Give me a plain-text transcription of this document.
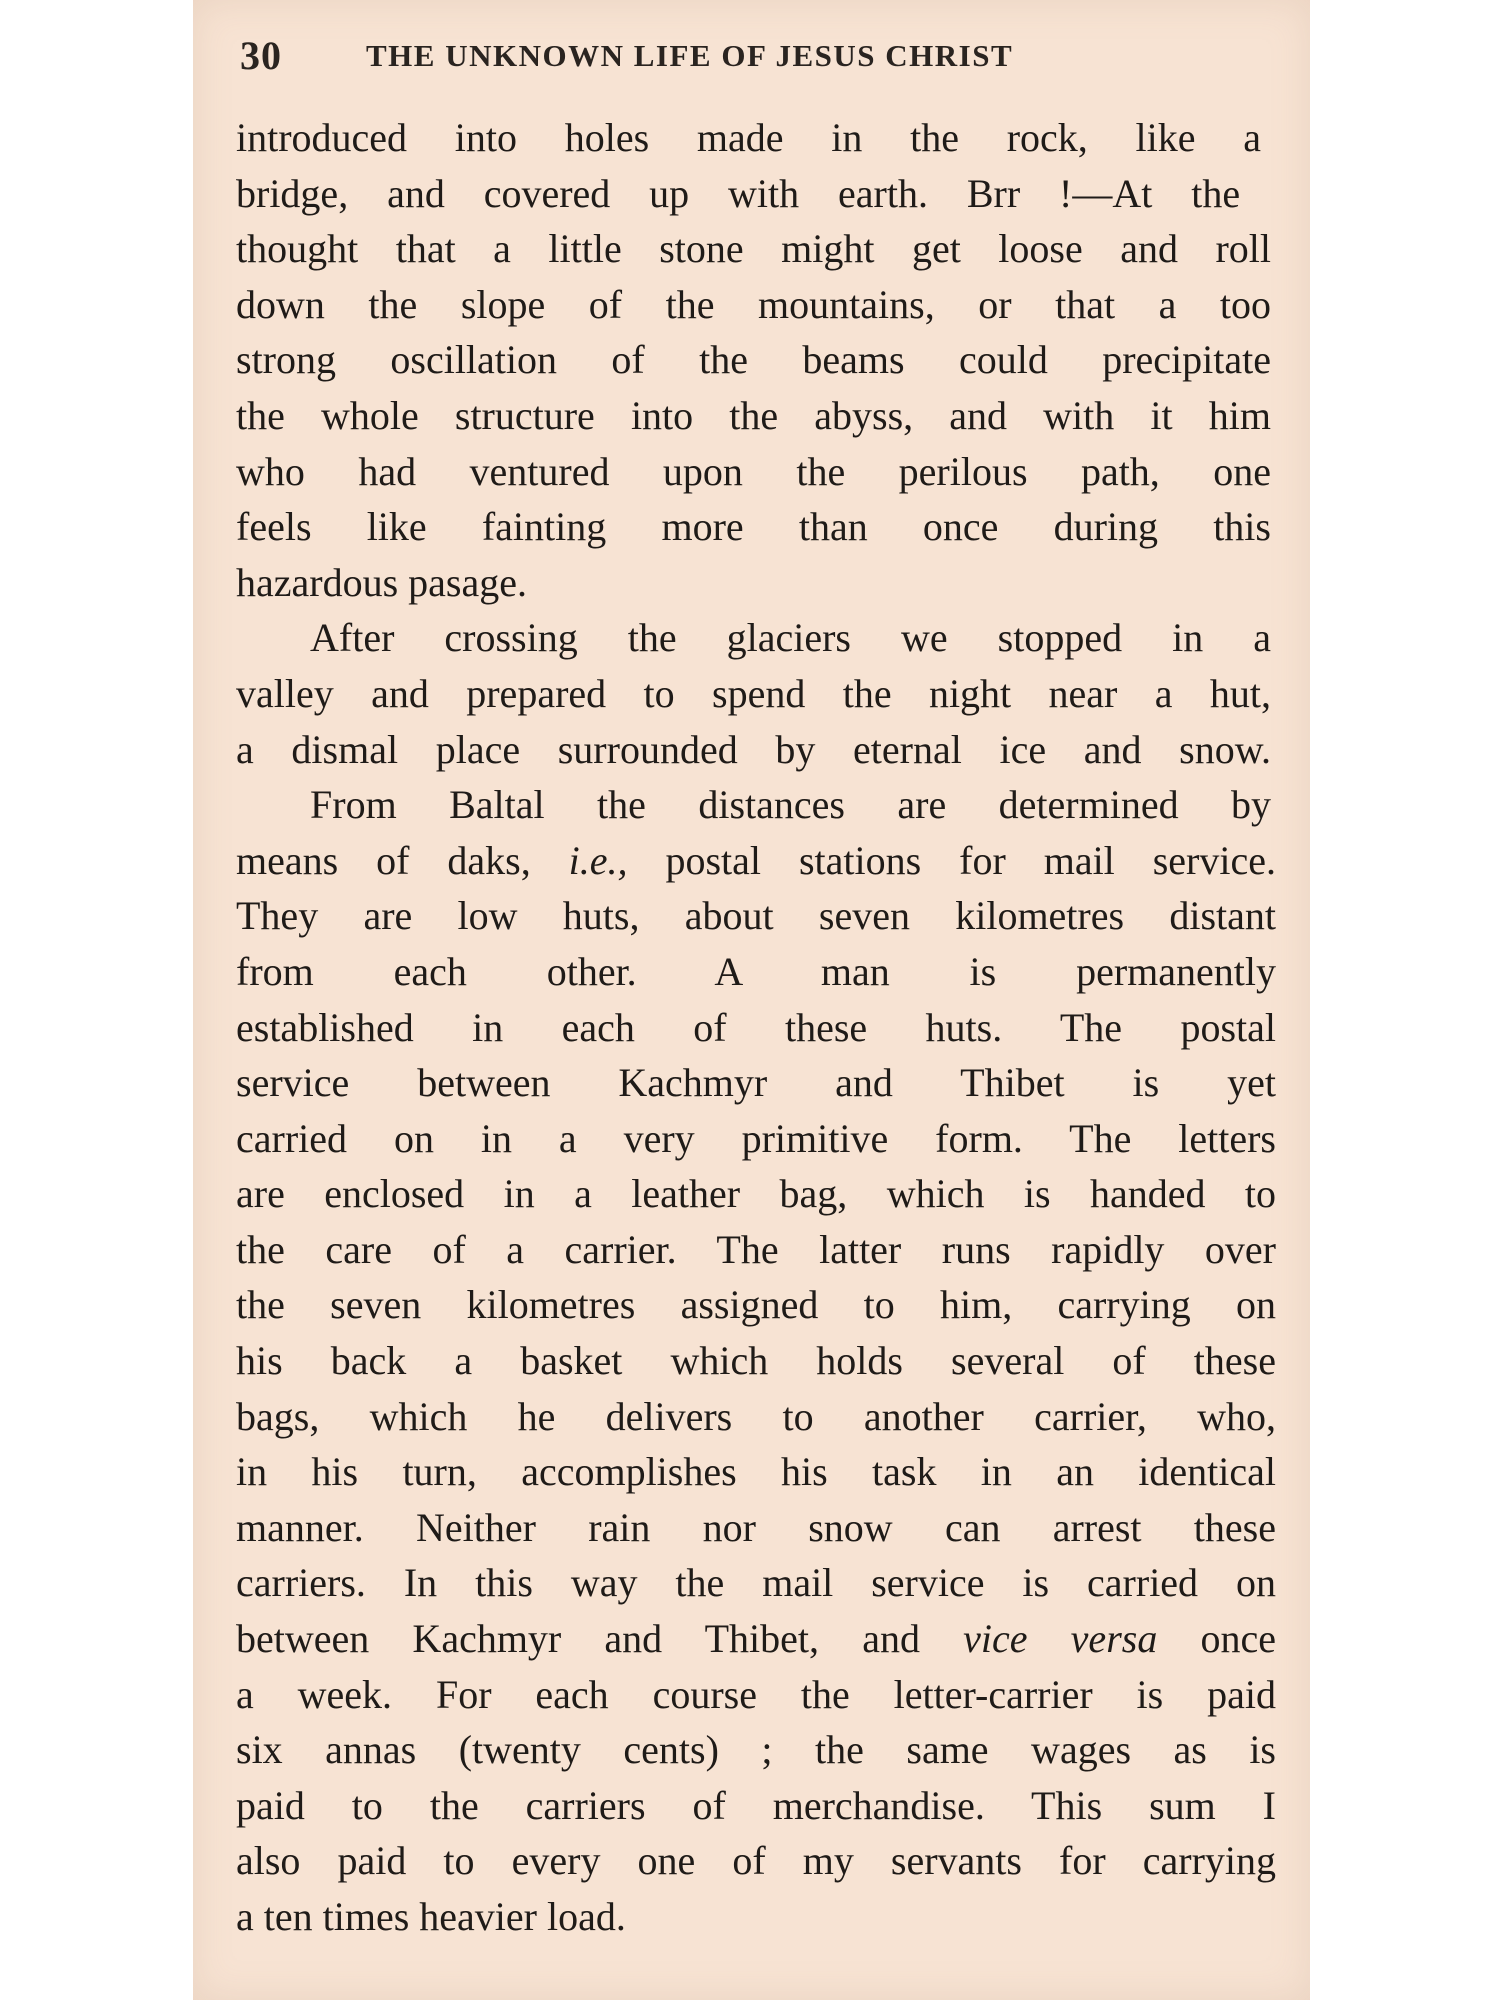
30	THE UNKNOWN LIFE OF JESUS CHRIST
introduced into holes made in the rock, like a
bridge, and covered up with earth. Brr !—At the
thought that a little stone might get loose and roll
down the slope of the mountains, or that a too
strong oscillation of the beams could precipitate
the whole structure into the abyss, and with it him
who had ventured upon the perilous path, one
feels like fainting more than once during this
hazardous pasage.
After crossing the glaciers we stopped in a
valley and prepared to spend the night near a hut,
a dismal place surrounded by eternal ice and snow.
From Baltal the distances are determined by
means of daks, i.e., postal stations for mail service.
They are low huts, about seven kilometres distant
from each other. A man is permanently
established in each of these huts. The postal
service between Kachmyr and Thibet is yet
carried on in a very primitive form. The letters
are enclosed in a leather bag, which is handed to
the care of a carrier. The latter runs rapidly over
the seven kilometres assigned to him, carrying on
his back a basket which holds several of these
bags, which he delivers to another carrier, who,
in his turn, accomplishes his task in an identical
manner. Neither rain nor snow can arrest these
carriers. In this way the mail service is carried on
between Kachmyr and Thibet, and vice versa once
a week. For each course the letter-carrier is paid
six annas (twenty cents) ; the same wages as is
paid to the carriers of merchandise. This sum I
also paid to every one of my servants for carrying
a ten times heavier load.
